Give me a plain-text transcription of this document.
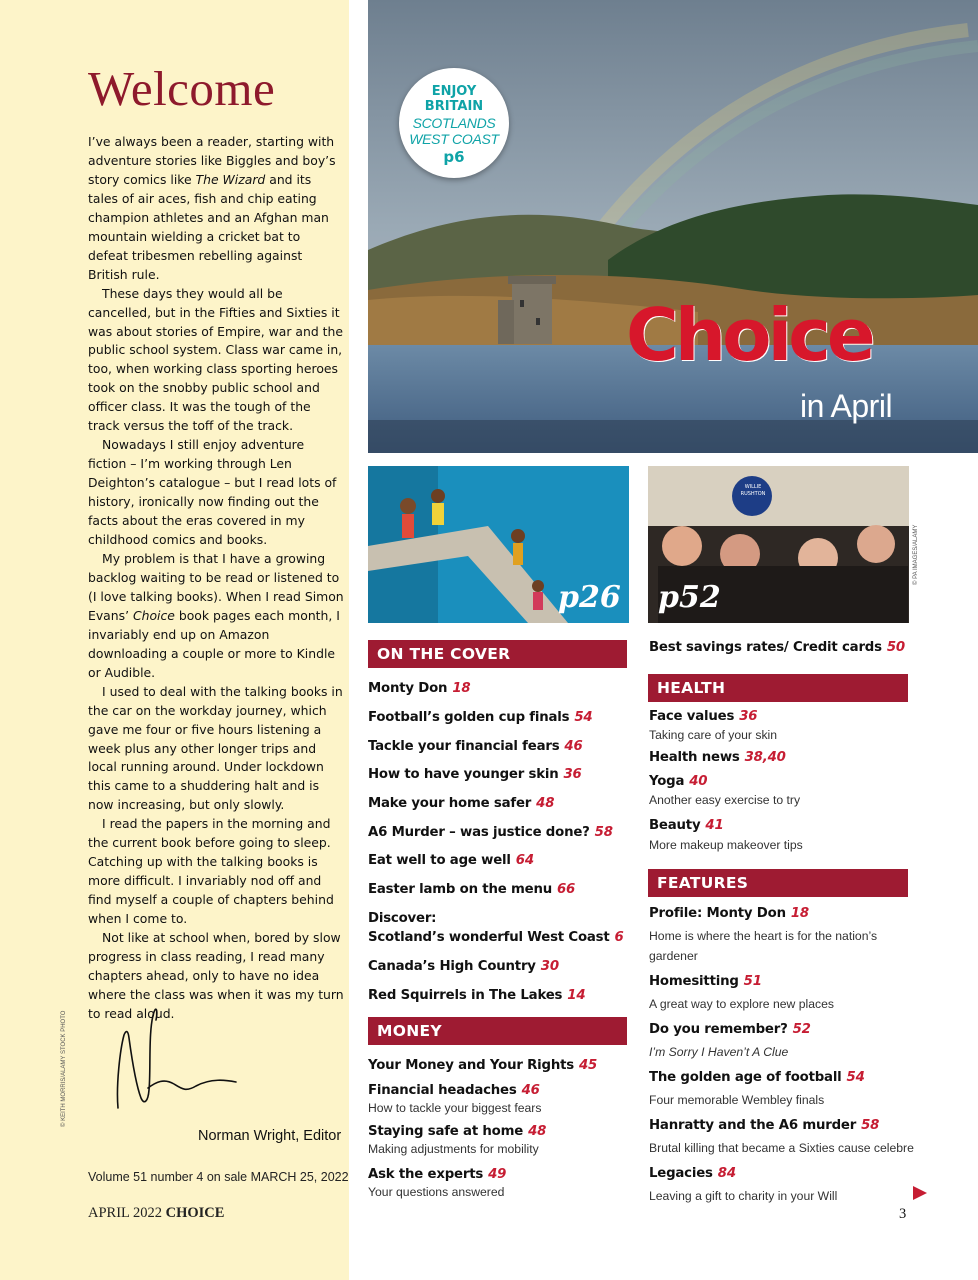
Welcome

I’ve always been a reader, starting with adventure stories like Biggles and boy’s story comics like The Wizard and its tales of air aces, fish and chip eating champion athletes and an Afghan man mountain wielding a cricket bat to defeat tribesmen rebelling against British rule.

These days they would all be cancelled, but in the Fifties and Sixties it was about stories of Empire, war and the public school system. Class war came in, too, when working class sporting heroes took on the snobby public school and officer class. It was the tough of the track versus the toff of the track.

Nowadays I still enjoy adventure fiction – I’m working through Len Deighton’s catalogue – but I read lots of history, ironically now finding out the facts about the eras covered in my childhood comics and books.

My problem is that I have a growing backlog waiting to be read or listened to (I love talking books). When I read Simon Evans’ Choice book pages each month, I invariably end up on Amazon downloading a couple or more to Kindle or Audible.

I used to deal with the talking books in the car on the workday journey, which gave me four or five hours listening a week plus any other longer trips and local running around. Under lockdown this came to a shuddering halt and is now increasing, but only slowly.

I read the papers in the morning and the current book before going to sleep. Catching up with the talking books is more difficult. I invariably nod off and find myself a couple of chapters behind when I come to.

Not like at school when, bored by slow progress in class reading, I read many chapters ahead, only to have no idea where the class was when it was my turn to read aloud.

© KEITH MORRIS/ALAMY STOCK PHOTO
Norman Wright, Editor
Volume 51 number 4 on sale MARCH 25, 2022
APRIL 2022 CHOICE
ENJOY
BRITAIN
SCOTLANDS
WEST COAST
p6
Choice
in April
p26
WILLIE
RUSHTON
p52
© PA IMAGES/ALAMY
ON THE COVER
Monty Don 18
Football’s golden cup finals 54
Tackle your financial fears 46
How to have younger skin 36
Make your home safer 48
A6 Murder – was justice done? 58
Eat well to age well 64
Easter lamb on the menu 66
Discover:
Scotland’s wonderful West Coast 6
Canada’s High Country 30
Red Squirrels in The Lakes 14
MONEY
Your Money and Your Rights 45
Financial headaches 46
How to tackle your biggest fears
Staying safe at home 48
Making adjustments for mobility
Ask the experts 49
Your questions answered
Best savings rates/ Credit cards 50
HEALTH
Face values 36
Taking care of your skin
Health news 38,40
Yoga 40
Another easy exercise to try
Beauty 41
More makeup makeover tips
FEATURES
Profile: Monty Don 18
Home is where the heart is for the nation’s
gardener
Homesitting 51
A great way to explore new places
Do you remember? 52
I’m Sorry I Haven’t A Clue
The golden age of football 54
Four memorable Wembley finals
Hanratty and the A6 murder 58
Brutal killing that became a Sixties cause celebre
Legacies 84
Leaving a gift to charity in your Will
3
